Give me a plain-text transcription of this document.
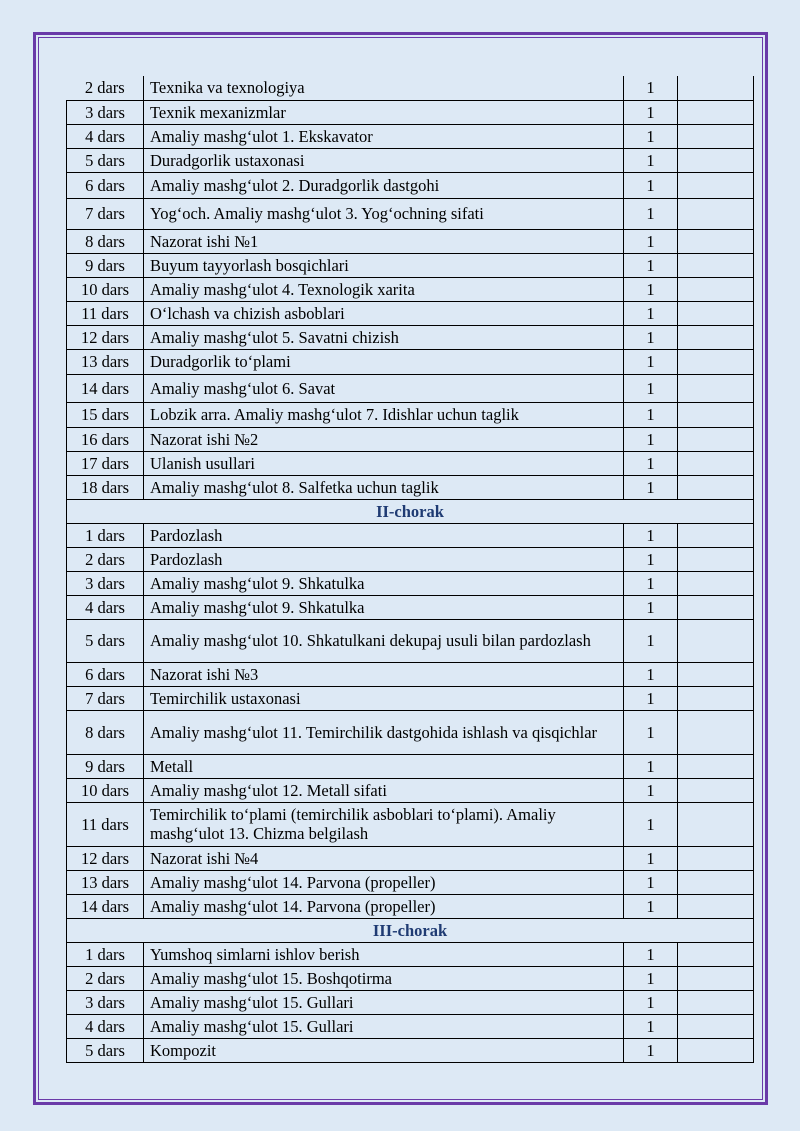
2 dars	Texnika va texnologiya	1	
3 dars	Texnik mexanizmlar	1	
4 dars	Amaliy mashg‘ulot 1. Ekskavator	1	
5 dars	Duradgorlik ustaxonasi	1	
6 dars	Amaliy mashg‘ulot 2. Duradgorlik dastgohi	1	
7 dars	Yog‘och. Amaliy mashg‘ulot 3. Yog‘ochning sifati	1	
8 dars	Nazorat ishi №1	1	
9 dars	Buyum tayyorlash bosqichlari	1	
10 dars	Amaliy mashg‘ulot 4. Texnologik xarita	1	
11 dars	O‘lchash va chizish asboblari	1	
12 dars	Amaliy mashg‘ulot 5. Savatni chizish	1	
13 dars	Duradgorlik to‘plami	1	
14 dars	Amaliy mashg‘ulot 6. Savat	1	
15 dars	Lobzik arra. Amaliy mashg‘ulot 7. Idishlar uchun taglik	1	
16 dars	Nazorat ishi №2	1	
17 dars	Ulanish usullari	1	
18 dars	Amaliy mashg‘ulot 8. Salfetka uchun taglik	1	
II-chorak			
1 dars	Pardozlash	1	
2 dars	Pardozlash	1	
3 dars	Amaliy mashg‘ulot 9. Shkatulka	1	
4 dars	Amaliy mashg‘ulot 9. Shkatulka	1	
5 dars	Amaliy mashg‘ulot 10. Shkatulkani dekupaj usuli bilan pardozlash	1	
6 dars	Nazorat ishi №3	1	
7 dars	Temirchilik ustaxonasi	1	
8 dars	Amaliy mashg‘ulot 11. Temirchilik dastgohida ishlash va qisqichlar	1	
9 dars	Metall	1	
10 dars	Amaliy mashg‘ulot 12. Metall sifati	1	
11 dars	Temirchilik to‘plami (temirchilik asboblari to‘plami). Amaliy mashg‘ulot 13. Chizma belgilash	1	
12 dars	Nazorat ishi №4	1	
13 dars	Amaliy mashg‘ulot 14. Parvona (propeller)	1	
14 dars	Amaliy mashg‘ulot 14. Parvona (propeller)	1	
III-chorak			
1 dars	Yumshoq simlarni ishlov berish	1	
2 dars	Amaliy mashg‘ulot 15. Boshqotirma	1	
3 dars	Amaliy mashg‘ulot 15. Gullari	1	
4 dars	Amaliy mashg‘ulot 15. Gullari	1	
5 dars	Kompozit	1	
